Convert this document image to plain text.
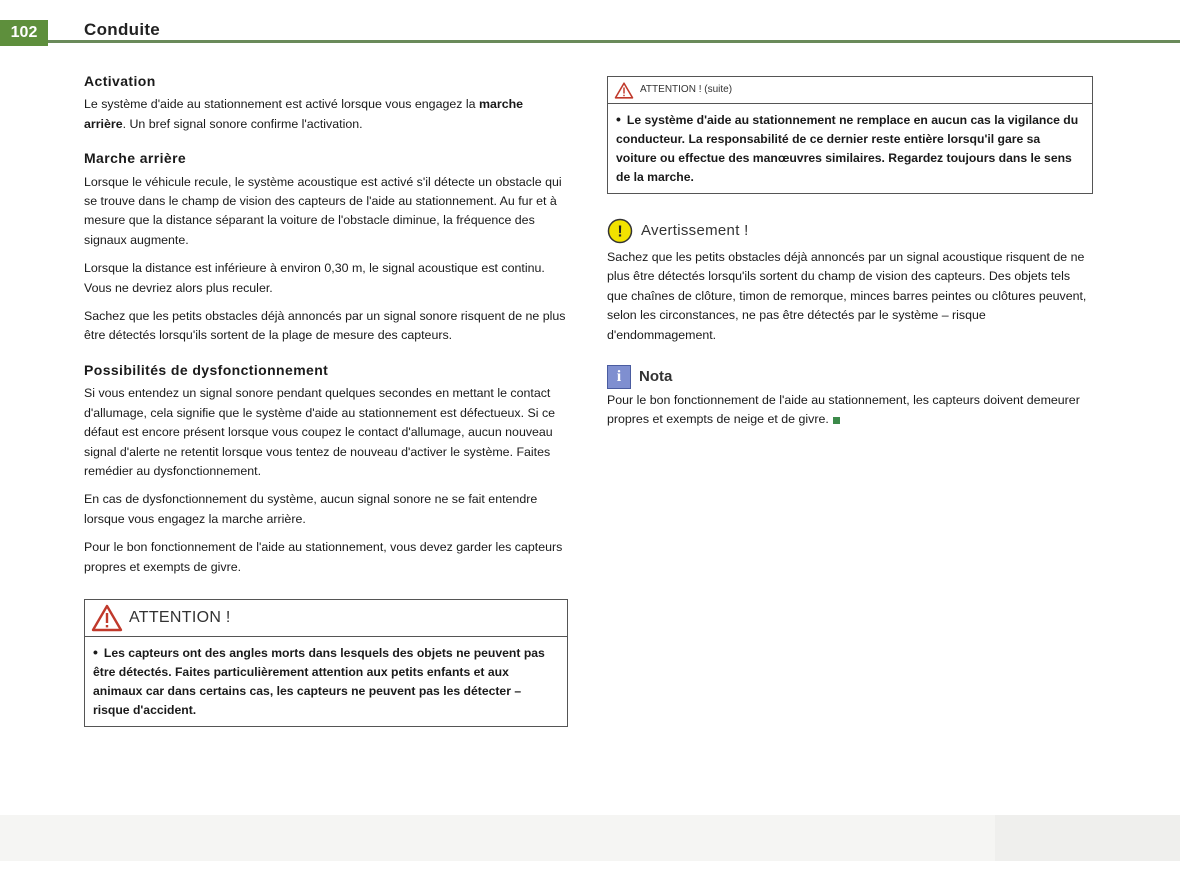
102	Conduite
Activation

Le système d'aide au stationnement est activé lorsque vous engagez la marche arrière. Un bref signal sonore confirme l'activation.

Marche arrière

Lorsque le véhicule recule, le système acoustique est activé s'il détecte un obstacle qui se trouve dans le champ de vision des capteurs de l'aide au stationnement. Au fur et à mesure que la distance séparant la voiture de l'obstacle diminue, la fréquence des signaux augmente.

Lorsque la distance est inférieure à environ 0,30 m, le signal acoustique est continu. Vous ne devriez alors plus reculer.

Sachez que les petits obstacles déjà annoncés par un signal sonore risquent de ne plus être détectés lorsqu'ils sortent de la plage de mesure des capteurs.

Possibilités de dysfonctionnement

Si vous entendez un signal sonore pendant quelques secondes en mettant le contact d'allumage, cela signifie que le système d'aide au stationnement est défectueux. Si ce défaut est encore présent lorsque vous coupez le contact d'allumage, aucun nouveau signal d'alerte ne retentit lorsque vous tentez de nouveau d'activer le système. Faites remédier au dysfonctionnement.

En cas de dysfonctionnement du système, aucun signal sonore ne se fait entendre lorsque vous engagez la marche arrière.

Pour le bon fonctionnement de l'aide au stationnement, vous devez garder les capteurs propres et exempts de givre.

ATTENTION !
• Les capteurs ont des angles morts dans lesquels des objets ne peuvent pas être détectés. Faites particulièrement attention aux petits enfants et aux animaux car dans certains cas, les capteurs ne peuvent pas les détecter – risque d'accident.
ATTENTION ! (suite)
• Le système d'aide au stationnement ne remplace en aucun cas la vigilance du conducteur. La responsabilité de ce dernier reste entière lorsqu'il gare sa voiture ou effectue des manœuvres similaires. Regardez toujours dans le sens de la marche.
! Avertissement !

Sachez que les petits obstacles déjà annoncés par un signal acoustique risquent de ne plus être détectés lorsqu'ils sortent du champ de vision des capteurs. Des objets tels que chaînes de clôture, timon de remorque, minces barres peintes ou clôtures peuvent, selon les circonstances, ne pas être détectés par le système – risque d'endommagement.

i	Nota

Pour le bon fonctionnement de l'aide au stationnement, les capteurs doivent demeurer propres et exempts de neige et de givre.
